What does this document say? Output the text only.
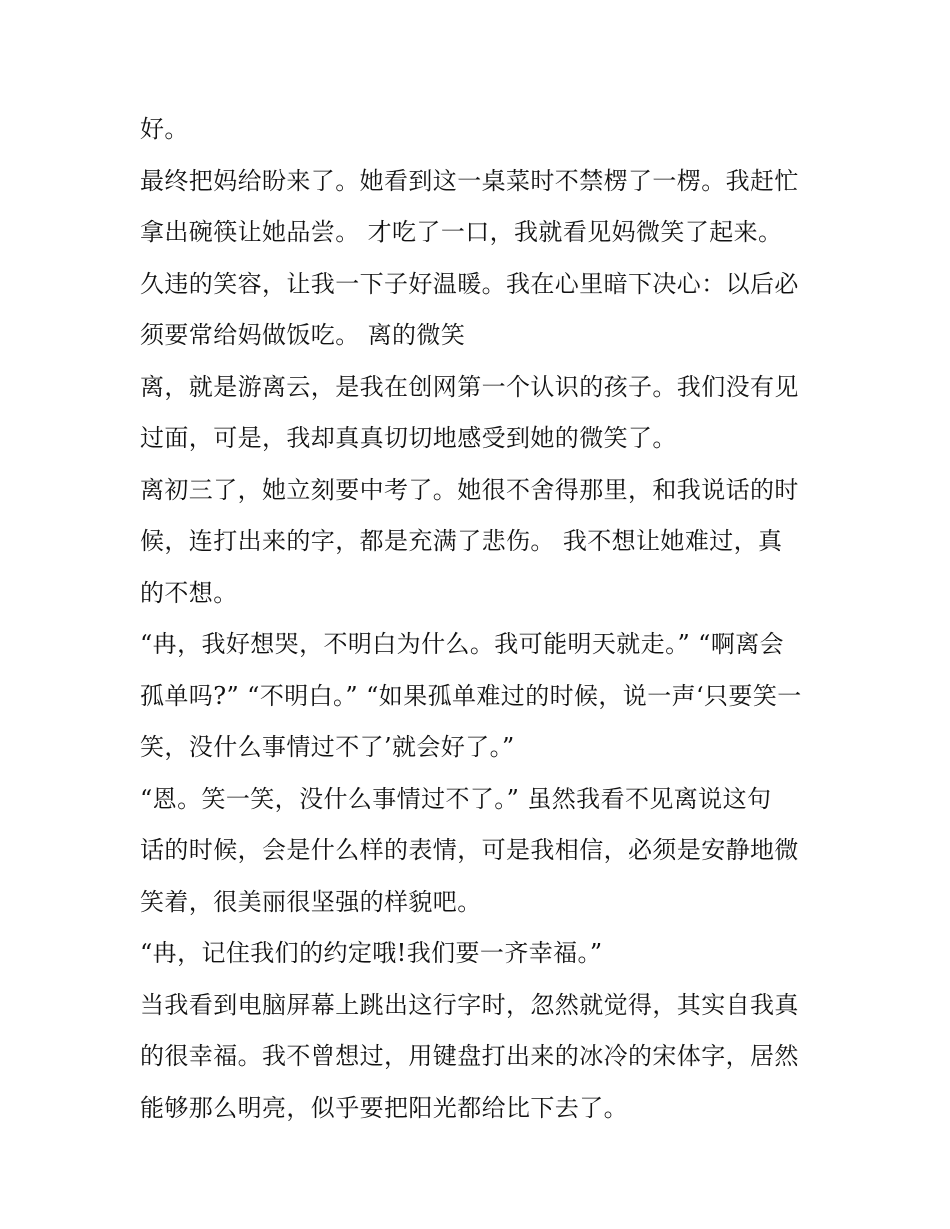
好。
最终把妈给盼来了。她看到这一桌菜时不禁楞了一楞。我赶忙
拿出碗筷让她品尝。 才吃了一口，我就看见妈微笑了起来。
久违的笑容，让我一下子好温暖。我在心里暗下决心：以后必
须要常给妈做饭吃。 离的微笑
离，就是游离云，是我在创网第一个认识的孩子。我们没有见
过面，可是，我却真真切切地感受到她的微笑了。
离初三了，她立刻要中考了。她很不舍得那里，和我说话的时
候，连打出来的字，都是充满了悲伤。 我不想让她难过，真
的不想。
“冉，我好想哭，不明白为什么。我可能明天就走。” “啊离会
孤单吗?” “不明白。” “如果孤单难过的时候，说一声‘只要笑一
笑，没什么事情过不了’就会好了。”
“恩。笑一笑，没什么事情过不了。” 虽然我看不见离说这句
话的时候，会是什么样的表情，可是我相信，必须是安静地微
笑着，很美丽很坚强的样貌吧。
“冉，记住我们的约定哦!我们要一齐幸福。”
当我看到电脑屏幕上跳出这行字时，忽然就觉得，其实自我真
的很幸福。我不曾想过，用键盘打出来的冰冷的宋体字，居然
能够那么明亮，似乎要把阳光都给比下去了。
